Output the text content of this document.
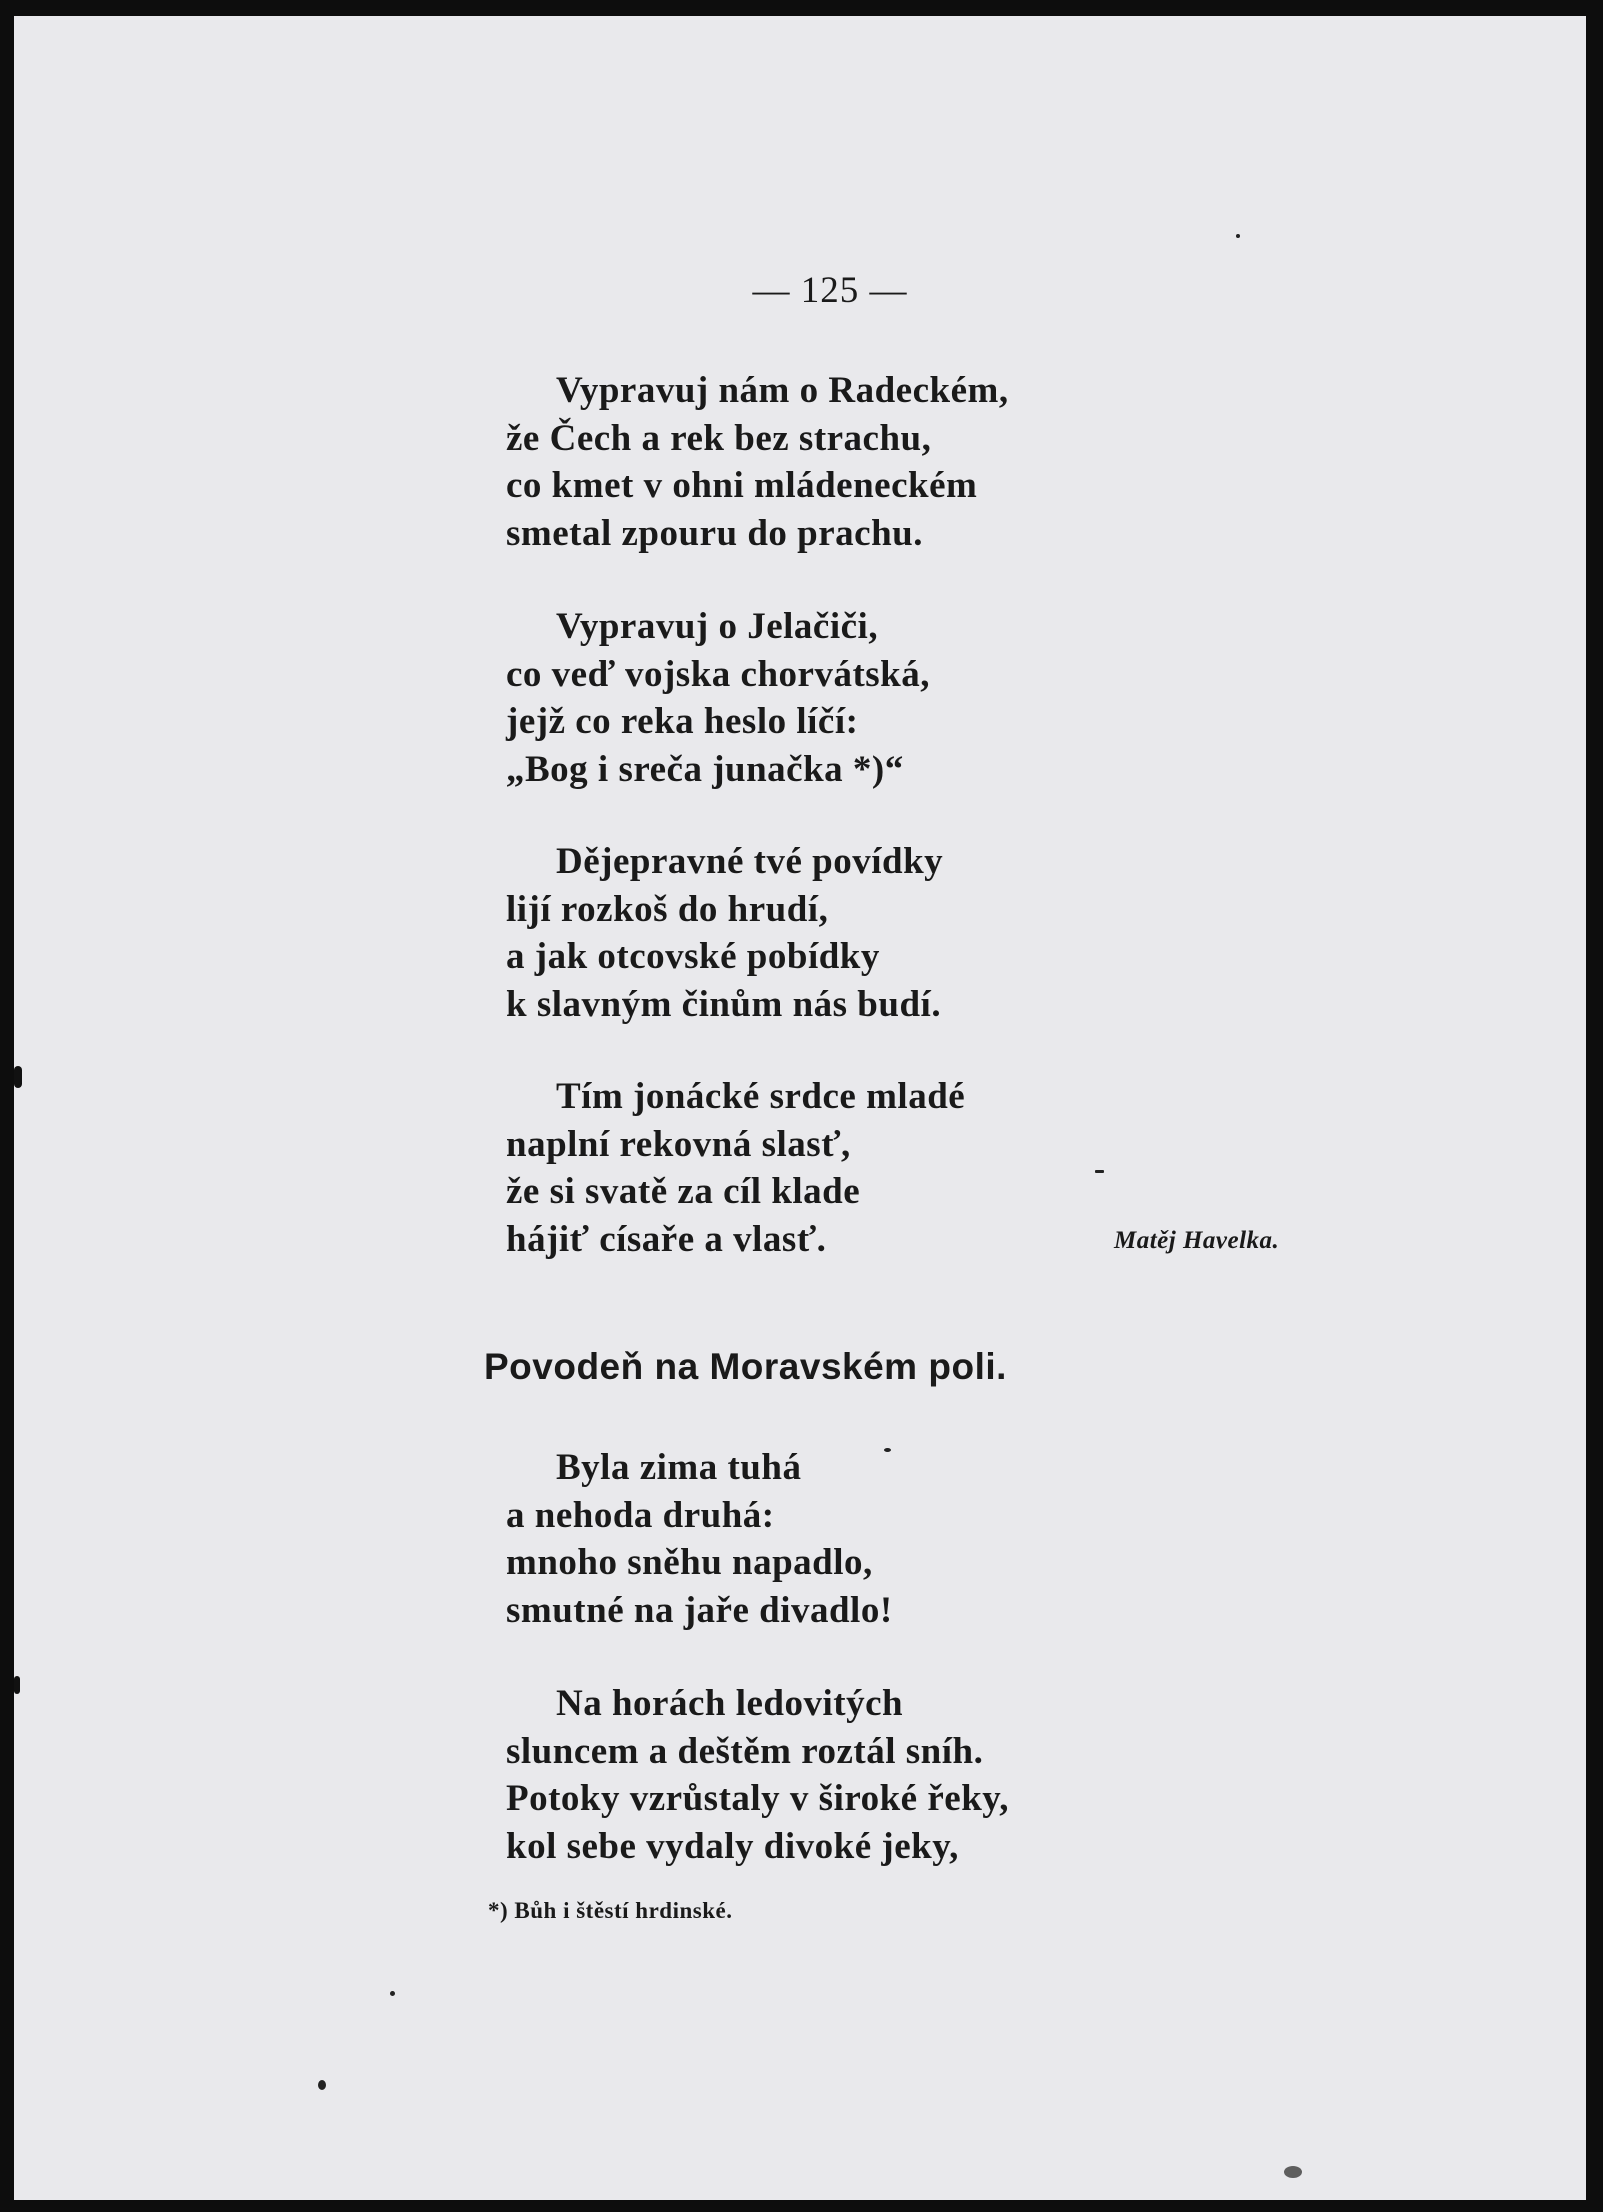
— 125 —
Vypravuj nám o Radeckém,
že Čech a rek bez strachu,
co kmet v ohni mládeneckém
smetal zpouru do prachu.
Vypravuj o Jelačiči,
co veď vojska chorvátská,
jejž co reka heslo líčí:
„Bog i sreča junačka *)“
Dějepravné tvé povídky
lijí rozkoš do hrudí,
a jak otcovské pobídky
k slavným činům nás budí.
Tím jonácké srdce mladé
naplní rekovná slasť,
že si svatě za cíl klade
hájiť císaře a vlasť.	Matěj Havelka.
Povodeň na Moravském poli.
Byla zima tuhá
a nehoda druhá:
mnoho sněhu napadlo,
smutné na jaře divadlo!
Na horách ledovitých
sluncem a deštěm roztál sníh.
Potoky vzrůstaly v široké řeky,
kol sebe vydaly divoké jeky,
*) Bůh i štěstí hrdinské.
